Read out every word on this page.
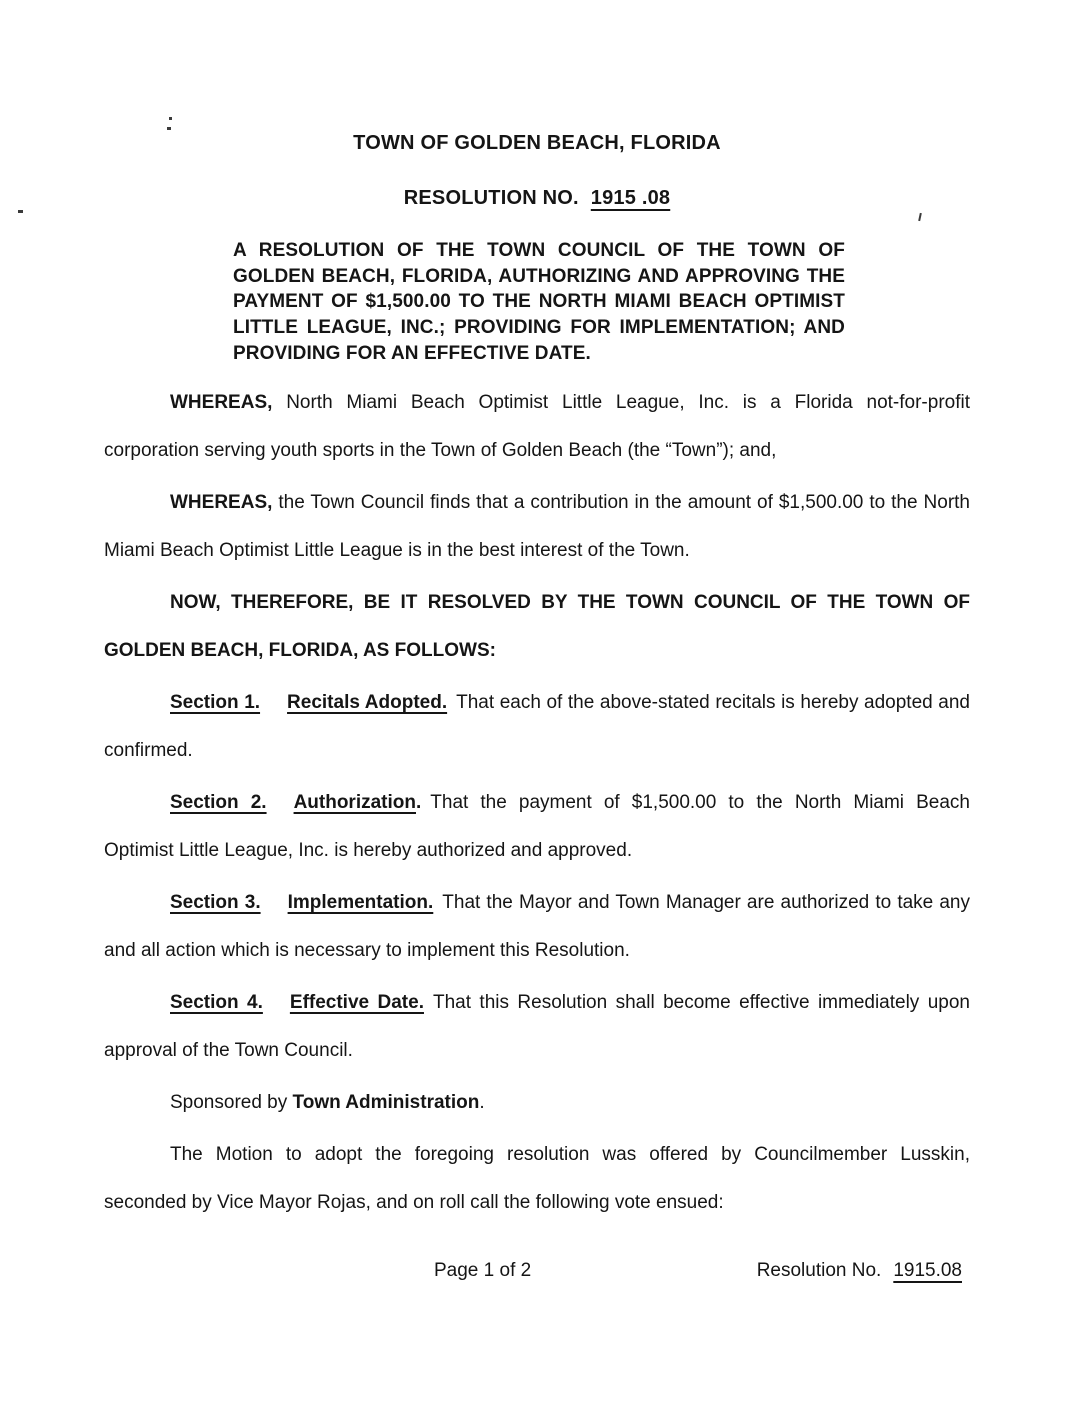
TOWN OF GOLDEN BEACH, FLORIDA
RESOLUTION NO. 1915 .08
A RESOLUTION OF THE TOWN COUNCIL OF THE TOWN OF GOLDEN BEACH, FLORIDA, AUTHORIZING AND APPROVING THE PAYMENT OF $1,500.00 TO THE NORTH MIAMI BEACH OPTIMIST LITTLE LEAGUE, INC.; PROVIDING FOR IMPLEMENTATION; AND PROVIDING FOR AN EFFECTIVE DATE.

WHEREAS, North Miami Beach Optimist Little League, Inc. is a Florida not-for-profit corporation serving youth sports in the Town of Golden Beach (the “Town”); and,

WHEREAS, the Town Council finds that a contribution in the amount of $1,500.00 to the North Miami Beach Optimist Little League is in the best interest of the Town.

NOW, THEREFORE, BE IT RESOLVED BY THE TOWN COUNCIL OF THE TOWN OF GOLDEN BEACH, FLORIDA, AS FOLLOWS:

Section 1. Recitals Adopted. That each of the above-stated recitals is hereby adopted and confirmed.

Section 2. Authorization. That the payment of $1,500.00 to the North Miami Beach Optimist Little League, Inc. is hereby authorized and approved.

Section 3. Implementation. That the Mayor and Town Manager are authorized to take any and all action which is necessary to implement this Resolution.

Section 4. Effective Date. That this Resolution shall become effective immediately upon approval of the Town Council.

Sponsored by Town Administration.

The Motion to adopt the foregoing resolution was offered by Councilmember Lusskin, seconded by Vice Mayor Rojas, and on roll call the following vote ensued:

Page 1 of 2	Resolution No. 1915.08
